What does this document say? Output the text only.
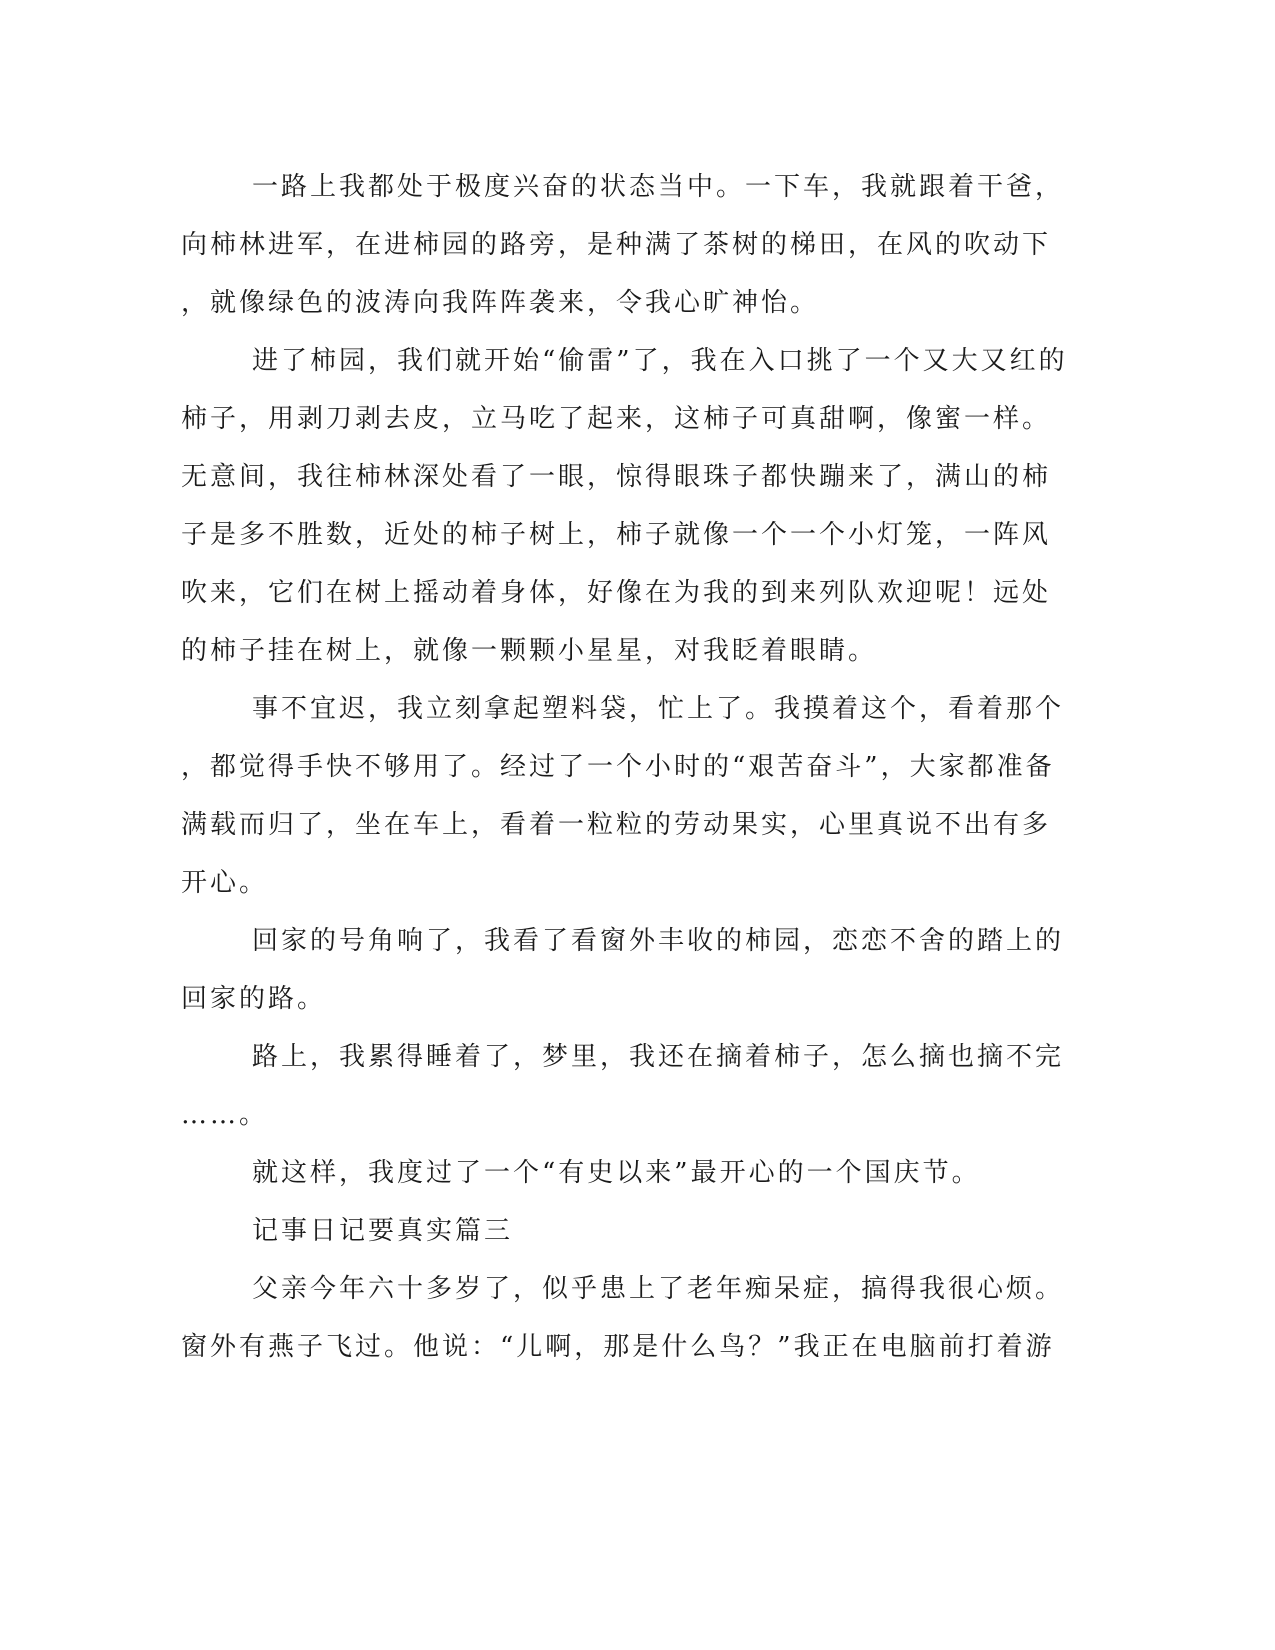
一路上我都处于极度兴奋的状态当中。一下车，我就跟着干爸，
向柿林进军，在进柿园的路旁，是种满了茶树的梯田，在风的吹动下
，就像绿色的波涛向我阵阵袭来，令我心旷神怡。
进了柿园，我们就开始“偷雷”了，我在入口挑了一个又大又红的
柿子，用剥刀剥去皮，立马吃了起来，这柿子可真甜啊，像蜜一样。
无意间，我往柿林深处看了一眼，惊得眼珠子都快蹦来了，满山的柿
子是多不胜数，近处的柿子树上，柿子就像一个一个小灯笼，一阵风
吹来，它们在树上摇动着身体，好像在为我的到来列队欢迎呢！远处
的柿子挂在树上，就像一颗颗小星星，对我眨着眼睛。
事不宜迟，我立刻拿起塑料袋，忙上了。我摸着这个，看着那个
，都觉得手快不够用了。经过了一个小时的“艰苦奋斗”，大家都准备
满载而归了，坐在车上，看着一粒粒的劳动果实，心里真说不出有多
开心。
回家的号角响了，我看了看窗外丰收的柿园，恋恋不舍的踏上的
回家的路。
路上，我累得睡着了，梦里，我还在摘着柿子，怎么摘也摘不完
……。
就这样，我度过了一个“有史以来”最开心的一个国庆节。
记事日记要真实篇三
父亲今年六十多岁了，似乎患上了老年痴呆症，搞得我很心烦。
窗外有燕子飞过。他说：“儿啊，那是什么鸟？”我正在电脑前打着游
